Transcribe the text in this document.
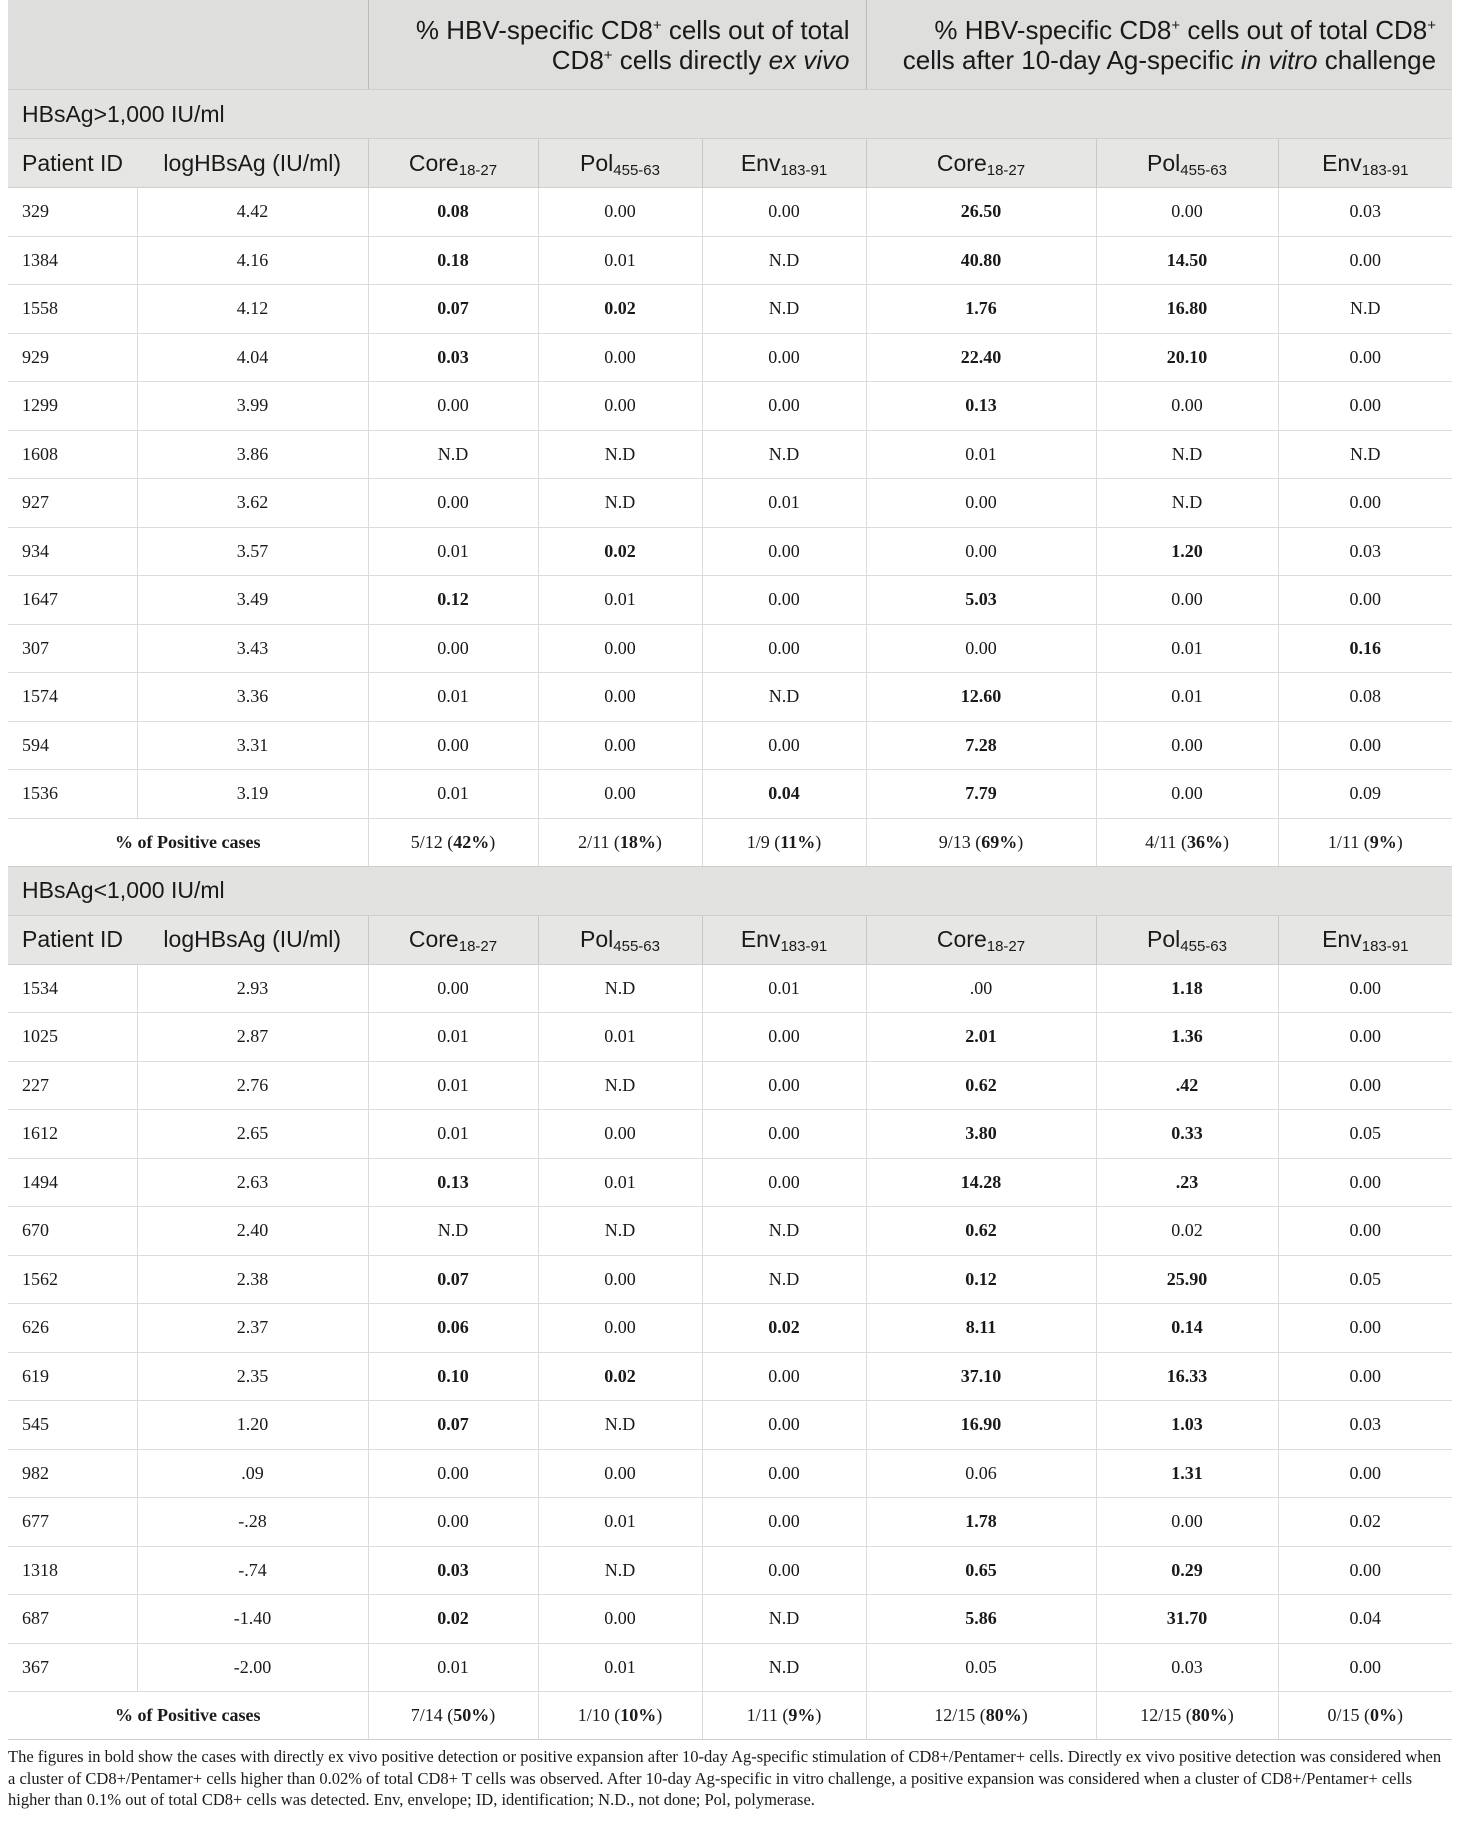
		% HBV-specific CD8+ cells out of total
CD8+ cells directly ex vivo			% HBV-specific CD8+ cells out of total CD8+
cells after 10-day Ag-specific in vitro challenge		
HBsAg>1,000 IU/ml							
Patient ID	logHBsAg (IU/ml)	Core$_{18-27}$	Pol$_{455-63}$	Env$_{183-91}$	Core$_{18-27}$	Pol$_{455-63}$	Env$_{183-91}$
329	4.42	0.08	0.00	0.00	26.50	0.00	0.03
1384	4.16	0.18	0.01	N.D	40.80	14.50	0.00
1558	4.12	0.07	0.02	N.D	1.76	16.80	N.D
929	4.04	0.03	0.00	0.00	22.40	20.10	0.00
1299	3.99	0.00	0.00	0.00	0.13	0.00	0.00
1608	3.86	N.D	N.D	N.D	0.01	N.D	N.D
927	3.62	0.00	N.D	0.01	0.00	N.D	0.00
934	3.57	0.01	0.02	0.00	0.00	1.20	0.03
1647	3.49	0.12	0.01	0.00	5.03	0.00	0.00
307	3.43	0.00	0.00	0.00	0.00	0.01	0.16
1574	3.36	0.01	0.00	N.D	12.60	0.01	0.08
594	3.31	0.00	0.00	0.00	7.28	0.00	0.00
1536	3.19	0.01	0.00	0.04	7.79	0.00	0.09
% of Positive cases		5/12 (42%)	2/11 (18%)	1/9 (11%)	9/13 (69%)	4/11 (36%)	1/11 (9%)
HBsAg<1,000 IU/ml							
Patient ID	logHBsAg (IU/ml)	Core$_{18-27}$	Pol$_{455-63}$	Env$_{183-91}$	Core$_{18-27}$	Pol$_{455-63}$	Env$_{183-91}$
1534	2.93	0.00	N.D	0.01	.00	1.18	0.00
1025	2.87	0.01	0.01	0.00	2.01	1.36	0.00
227	2.76	0.01	N.D	0.00	0.62	.42	0.00
1612	2.65	0.01	0.00	0.00	3.80	0.33	0.05
1494	2.63	0.13	0.01	0.00	14.28	.23	0.00
670	2.40	N.D	N.D	N.D	0.62	0.02	0.00
1562	2.38	0.07	0.00	N.D	0.12	25.90	0.05
626	2.37	0.06	0.00	0.02	8.11	0.14	0.00
619	2.35	0.10	0.02	0.00	37.10	16.33	0.00
545	1.20	0.07	N.D	0.00	16.90	1.03	0.03
982	.09	0.00	0.00	0.00	0.06	1.31	0.00
677	-.28	0.00	0.01	0.00	1.78	0.00	0.02
1318	-.74	0.03	N.D	0.00	0.65	0.29	0.00
687	-1.40	0.02	0.00	N.D	5.86	31.70	0.04
367	-2.00	0.01	0.01	N.D	0.05	0.03	0.00
% of Positive cases		7/14 (50%)	1/10 (10%)	1/11 (9%)	12/15 (80%)	12/15 (80%)	0/15 (0%)
The figures in bold show the cases with directly ex vivo positive detection or positive expansion after 10-day Ag-specific stimulation of CD8+/Pentamer+ cells. Directly ex vivo positive detection was considered when a cluster of CD8+/Pentamer+ cells higher than 0.02% of total CD8+ T cells was observed. After 10-day Ag-specific in vitro challenge, a positive expansion was considered when a cluster of CD8+/Pentamer+ cells higher than 0.1% out of total CD8+ cells was detected. Env, envelope; ID, identification; N.D., not done; Pol, polymerase.
